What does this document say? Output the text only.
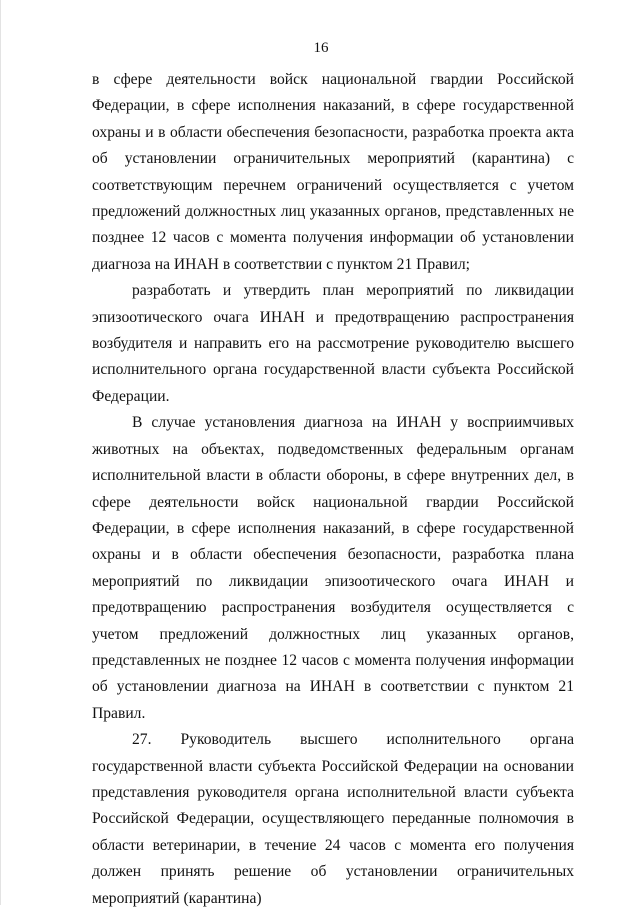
16

в сфере деятельности войск национальной гвардии Российской Федерации, в сфере исполнения наказаний, в сфере государственной охраны и в области обеспечения безопасности, разработка проекта акта об установлении ограничительных мероприятий (карантина) с соответствующим перечнем ограничений осуществляется с учетом предложений должностных лиц указанных органов, представленных не позднее 12 часов с момента получения информации об установлении диагноза на ИНАН в соответствии с пунктом 21 Правил;

разработать и утвердить план мероприятий по ликвидации эпизоотического очага ИНАН и предотвращению распространения возбудителя и направить его на рассмотрение руководителю высшего исполнительного органа государственной власти субъекта Российской Федерации.

В случае установления диагноза на ИНАН у восприимчивых животных на объектах, подведомственных федеральным органам исполнительной власти в области обороны, в сфере внутренних дел, в сфере деятельности войск национальной гвардии Российской Федерации, в сфере исполнения наказаний, в сфере государственной охраны и в области обеспечения безопасности, разработка плана мероприятий по ликвидации эпизоотического очага ИНАН и предотвращению распространения возбудителя осуществляется с учетом предложений должностных лиц указанных органов, представленных не позднее 12 часов с момента получения информации об установлении диагноза на ИНАН в соответствии с пунктом 21 Правил.

27. Руководитель высшего исполнительного органа государственной власти субъекта Российской Федерации на основании представления руководителя органа исполнительной власти субъекта Российской Федерации, осуществляющего переданные полномочия в области ветеринарии, в течение 24 часов с момента его получения должен принять решение об установлении ограничительных мероприятий (карантина)
